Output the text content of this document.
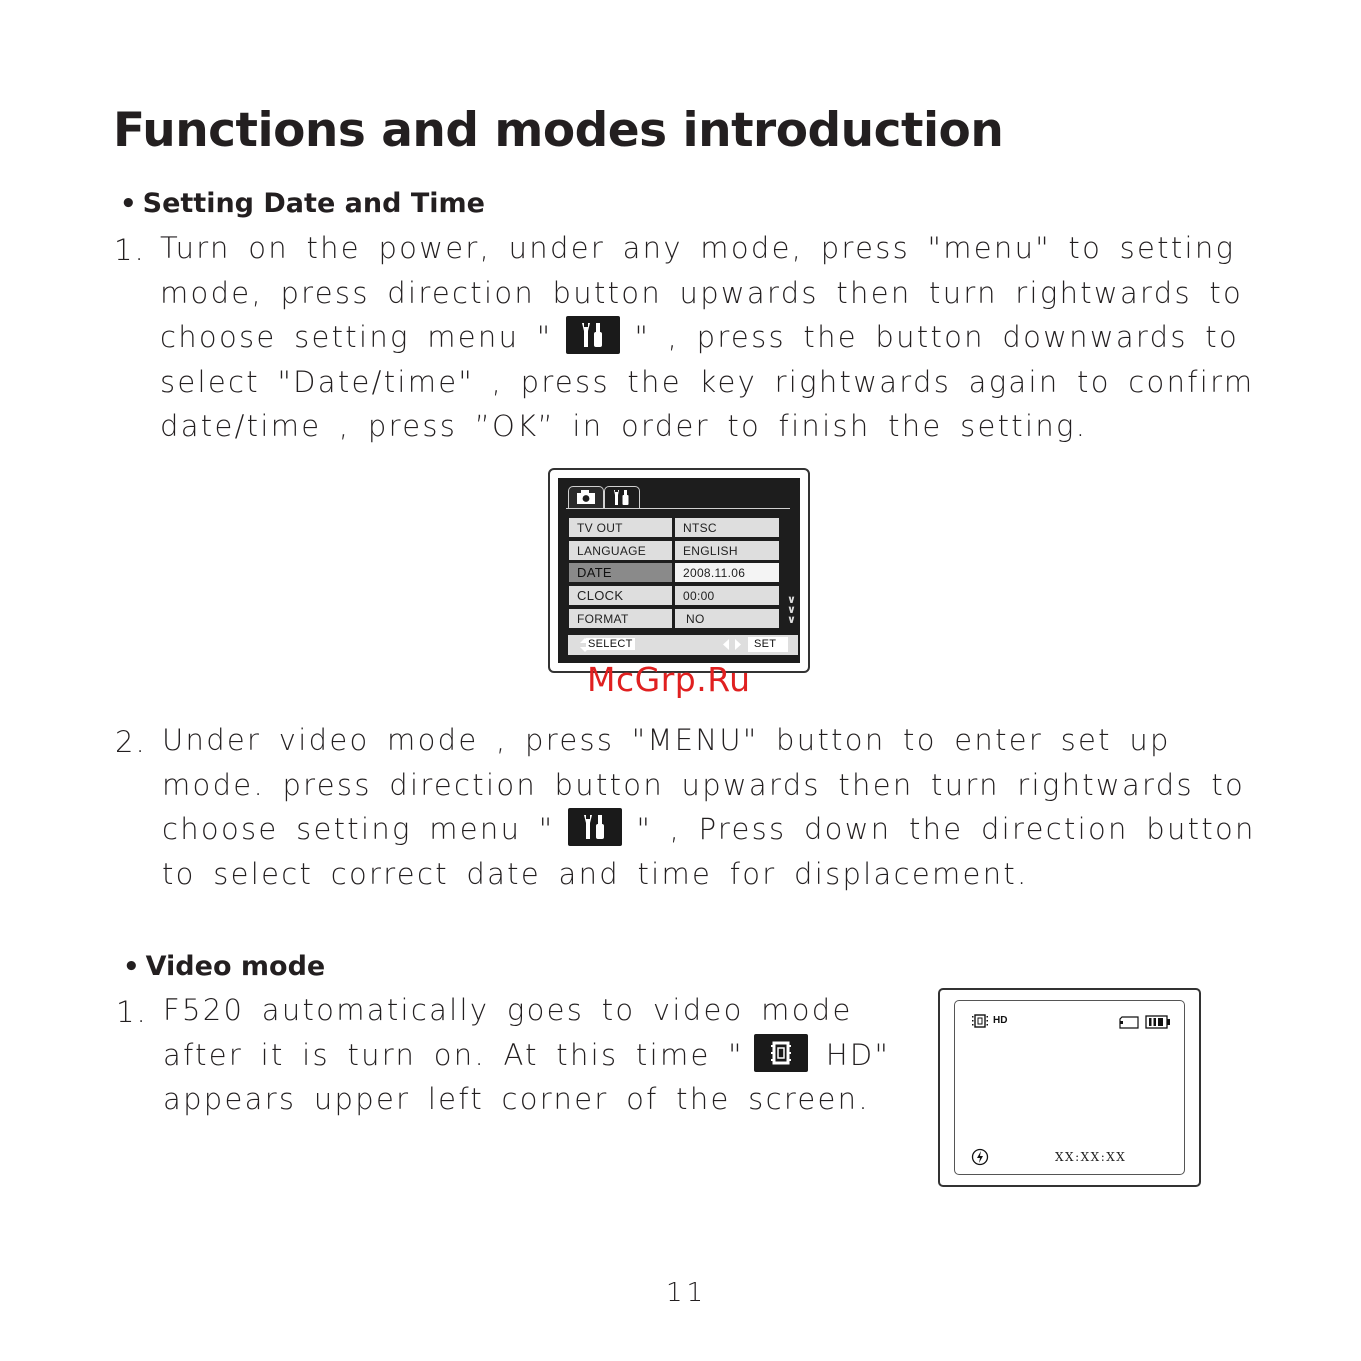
Functions and modes introduction
• Setting Date and Time
1. Turn on the power, under any mode, press "menu" to setting
mode, press direction button upwards then turn rightwards to
choose setting menu "	" , press the button downwards to
select "Date/time" , press the key rightwards again to confirm
date/time , press ”OK” in order to finish the setting.
TV OUT	NTSC
LANGUAGE	ENGLISH
DATE	2008.11.06
CLOCK	00:00
FORMAT	NO
∨
∨
∨
SELECT	SET
McGrp.Ru
2. Under video mode , press "MENU" button to enter set up
mode. press direction button upwards then turn rightwards to
choose setting menu "	" , Press down the direction button
to select correct date and time for displacement.
• Video mode
1. F520 automatically goes to video mode
after it is turn on. At this time "	HD"
appears upper left corner of the screen.
HD
XX:XX:XX
11
